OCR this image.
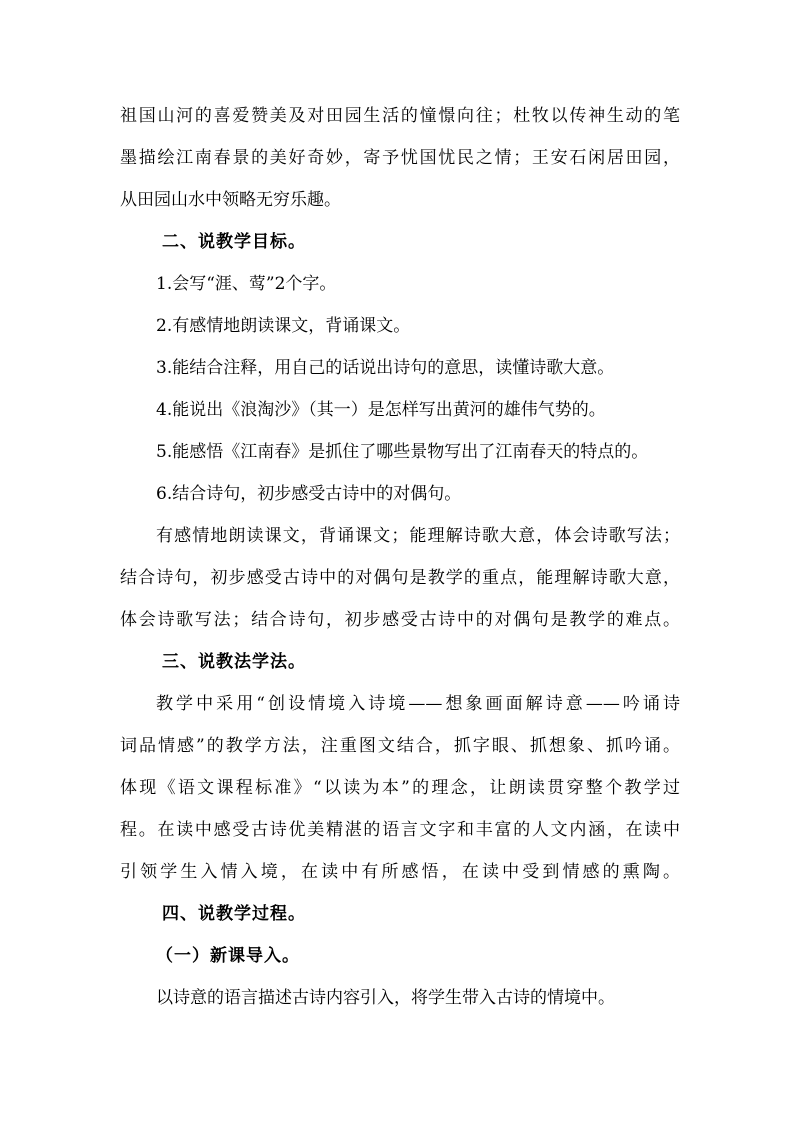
祖国山河的喜爱赞美及对田园生活的憧憬向往；杜牧以传神生动的笔
墨描绘江南春景的美好奇妙，寄予忧国忧民之情；王安石闲居田园，
从田园山水中领略无穷乐趣。
二、说教学目标。
1.会写“涯、莺”2个字。
2.有感情地朗读课文，背诵课文。
3.能结合注释，用自己的话说出诗句的意思，读懂诗歌大意。
4.能说出《浪淘沙》（其一）是怎样写出黄河的雄伟气势的。
5.能感悟《江南春》是抓住了哪些景物写出了江南春天的特点的。
6.结合诗句，初步感受古诗中的对偶句。
有感情地朗读课文，背诵课文；能理解诗歌大意，体会诗歌写法；
结合诗句，初步感受古诗中的对偶句是教学的重点，能理解诗歌大意，
体会诗歌写法；结合诗句，初步感受古诗中的对偶句是教学的难点。
三、说教法学法。
教学中采用“创设情境入诗境——想象画面解诗意——吟诵诗
词品情感”的教学方法，注重图文结合，抓字眼、抓想象、抓吟诵。
体现《语文课程标准》“以读为本”的理念，让朗读贯穿整个教学过
程。在读中感受古诗优美精湛的语言文字和丰富的人文内涵，在读中
引领学生入情入境，在读中有所感悟，在读中受到情感的熏陶。
四、说教学过程。
（一）新课导入。
以诗意的语言描述古诗内容引入，将学生带入古诗的情境中。
